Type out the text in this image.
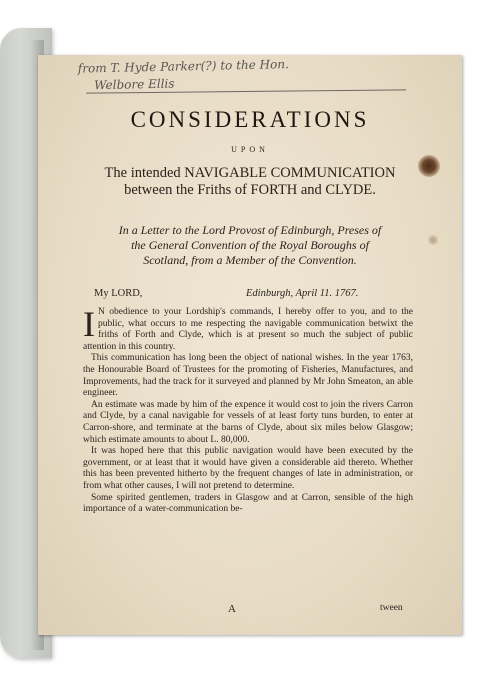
from T. Hyde Parker(?) to the Hon.
Welbore Ellis
CONSIDERATIONS
UPON
The intended NAVIGABLE COMMUNICATION
between the Friths of FORTH and CLYDE.
In a Letter to the Lord Provost of Edinburgh, Preses of
the General Convention of the Royal Boroughs of
Scotland, from a Member of the Convention.
My LORD,	Edinburgh, April 11. 1767.

I N obedience to your Lordship's commands, I hereby offer to you, and to the public, what occurs to me respecting the navigable communication betwixt the friths of Forth and Clyde, which is at present so much the subject of public attention in this country.

This communication has long been the object of national wishes. In the year 1763, the Honourable Board of Trustees for the promoting of Fisheries, Manufactures, and Improvements, had the track for it surveyed and planned by Mr John Smeaton, an able engineer.

An estimate was made by him of the expence it would cost to join the rivers Carron and Clyde, by a canal navigable for vessels of at least forty tuns burden, to enter at Carron-shore, and terminate at the barns of Clyde, about six miles below Glasgow; which estimate amounts to about L. 80,000.

It was hoped here that this public navigation would have been executed by the government, or at least that it would have given a considerable aid thereto. Whether this has been prevented hitherto by the frequent changes of late in administration, or from what other causes, I will not pretend to determine.

Some spirited gentlemen, traders in Glasgow and at Carron, sensible of the high importance of a water-communication be-

A	tween
